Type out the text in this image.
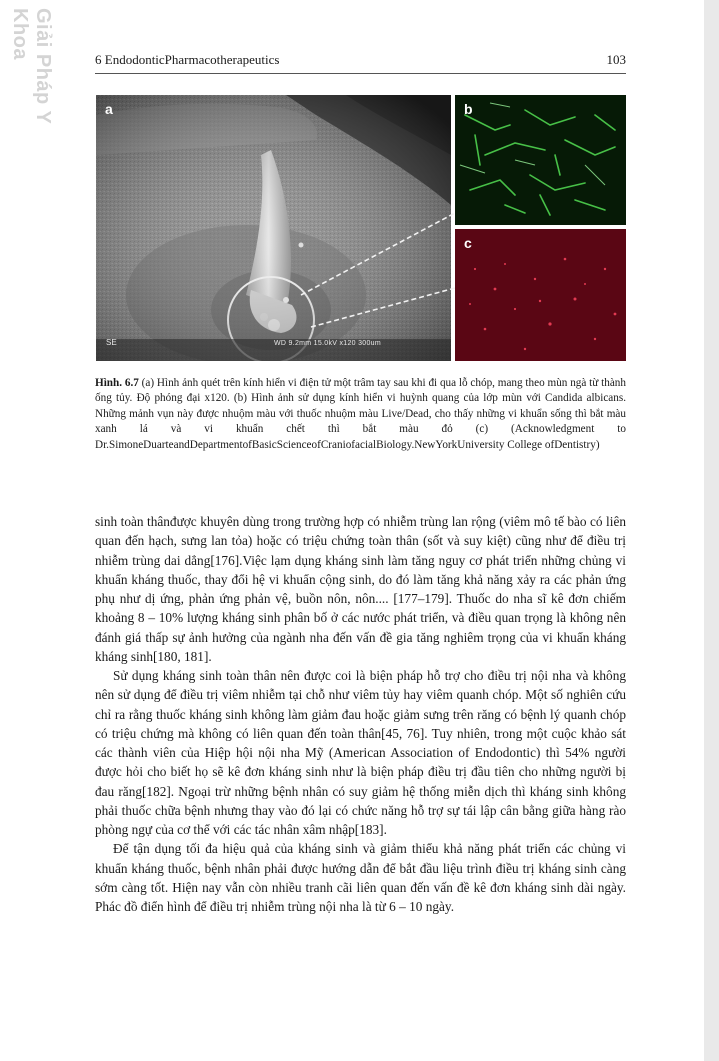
Giải Pháp Y Khoa	6 EndodonticPharmacotherapeutics	103
a
SE	WD 9.2mm 15.0kV x120 300um
b
c
Hình. 6.7 (a) Hình ảnh quét trên kính hiển vi điện tử một trâm tay sau khi đi qua lỗ chóp, mang theo mùn ngà từ thành ống tủy. Độ phóng đại x120. (b) Hình ảnh sử dụng kính hiển vi huỳnh quang của lớp mùn với Candida albicans. Những mảnh vụn này được nhuộm màu với thuốc nhuộm màu Live/Dead, cho thấy những vi khuẩn sống thì bắt màu xanh lá và vi khuẩn chết thì bắt màu đỏ (c) (Acknowledgment to Dr.SimoneDuarteandDepartmentofBasicScienceofCraniofacialBiology.NewYorkUniversity College ofDentistry)

sinh toàn thânđược khuyên dùng trong trường hợp có nhiễm trùng lan rộng (viêm mô tế bào có liên quan đến hạch, sưng lan tỏa) hoặc có triệu chứng toàn thân (sốt và suy kiệt) cũng như để điều trị nhiễm trùng dai dẳng[176].Việc lạm dụng kháng sinh làm tăng nguy cơ phát triển những chủng vi khuẩn kháng thuốc, thay đổi hệ vi khuẩn cộng sinh, do đó làm tăng khả năng xảy ra các phản ứng phụ như dị ứng, phản ứng phản vệ, buồn nôn, nôn.... [177–179]. Thuốc do nha sĩ kê đơn chiếm khoảng 8 – 10% lượng kháng sinh phân bố ở các nước phát triển, và điều quan trọng là không nên đánh giá thấp sự ảnh hưởng của ngành nha đến vấn đề gia tăng nghiêm trọng của vi khuẩn kháng kháng sinh[180, 181].

Sử dụng kháng sinh toàn thân nên được coi là biện pháp hỗ trợ cho điều trị nội nha và không nên sử dụng để điều trị viêm nhiễm tại chỗ như viêm tủy hay viêm quanh chóp. Một số nghiên cứu chỉ ra rằng thuốc kháng sinh không làm giảm đau hoặc giảm sưng trên răng có bệnh lý quanh chóp có triệu chứng mà không có liên quan đến toàn thân[45, 76]. Tuy nhiên, trong một cuộc khảo sát các thành viên của Hiệp hội nội nha Mỹ (American Association of Endodontic) thì 54% người được hỏi cho biết họ sẽ kê đơn kháng sinh như là biện pháp điều trị đầu tiên cho những người bị đau răng[182]. Ngoại trừ những bệnh nhân có suy giảm hệ thống miễn dịch thì kháng sinh không phải thuốc chữa bệnh nhưng thay vào đó lại có chức năng hỗ trợ sự tái lập cân bằng giữa hàng rào phòng ngự của cơ thể với các tác nhân xâm nhập[183].

Để tận dụng tối đa hiệu quả của kháng sinh và giảm thiểu khả năng phát triển các chủng vi khuẩn kháng thuốc, bệnh nhân phải được hướng dẫn để bắt đầu liệu trình điều trị kháng sinh càng sớm càng tốt. Hiện nay vẫn còn nhiều tranh cãi liên quan đến vấn đề kê đơn kháng sinh dài ngày. Phác đồ điển hình để điều trị nhiễm trùng nội nha là từ 6 – 10 ngày.
